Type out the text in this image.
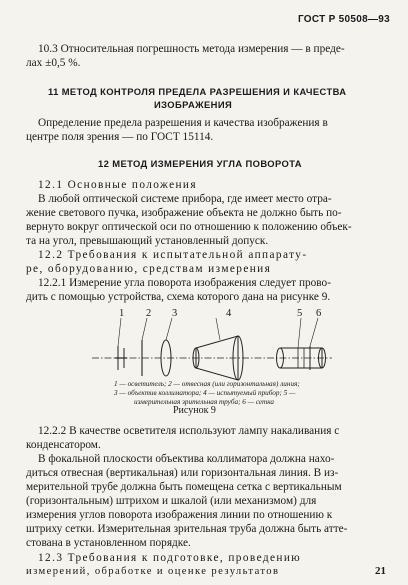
ГОСТ Р 50508—93
10.3 Относительная погрешность метода измерения — в преде-
лах ±0,5 %.
11 МЕТОД КОНТРОЛЯ ПРЕДЕЛА РАЗРЕШЕНИЯ И КАЧЕСТВА
ИЗОБРАЖЕНИЯ
Определение предела разрешения и качества изображения в
центре поля зрения — по ГОСТ 15114.
12 МЕТОД ИЗМЕРЕНИЯ УГЛА ПОВОРОТА
12.1 Основные положения
В любой оптической системе прибора, где имеет место отра-
жение светового пучка, изображение объекта не должно быть по-
вернуто вокруг оптической оси по отношению к положению объек-
та на угол, превышающий установленный допуск.
12.2 Требования к испытательной аппарату-
ре, оборудованию, средствам измерения
12.2.1 Измерение угла поворота изображения следует прово-
дить с помощью устройства, схема которого дана на рисунке 9.
1 2 3	4	5 6
1 — осветитель; 2 — отвесная (или горизонтальная) линия;
3 — объектив коллиматора; 4 — испытуемый прибор; 5 —
измерительная зрительная труба; 6 — сетка
Рисунок 9
12.2.2 В качестве осветителя используют лампу накаливания с
конденсатором.
В фокальной плоскости объектива коллиматора должна нахо-
диться отвесная (вертикальная) или горизонтальная линия. В из-
мерительной трубе должна быть помещена сетка с вертикальным
(горизонтальным) штрихом и шкалой (или механизмом) для
измерения углов поворота изображения линии по отношению к
штриху сетки. Измерительная зрительная труба должна быть атте-
стована в установленном порядке.
12.3 Требования к подготовке, проведению
измерений, обработке и оценке результатов	21
